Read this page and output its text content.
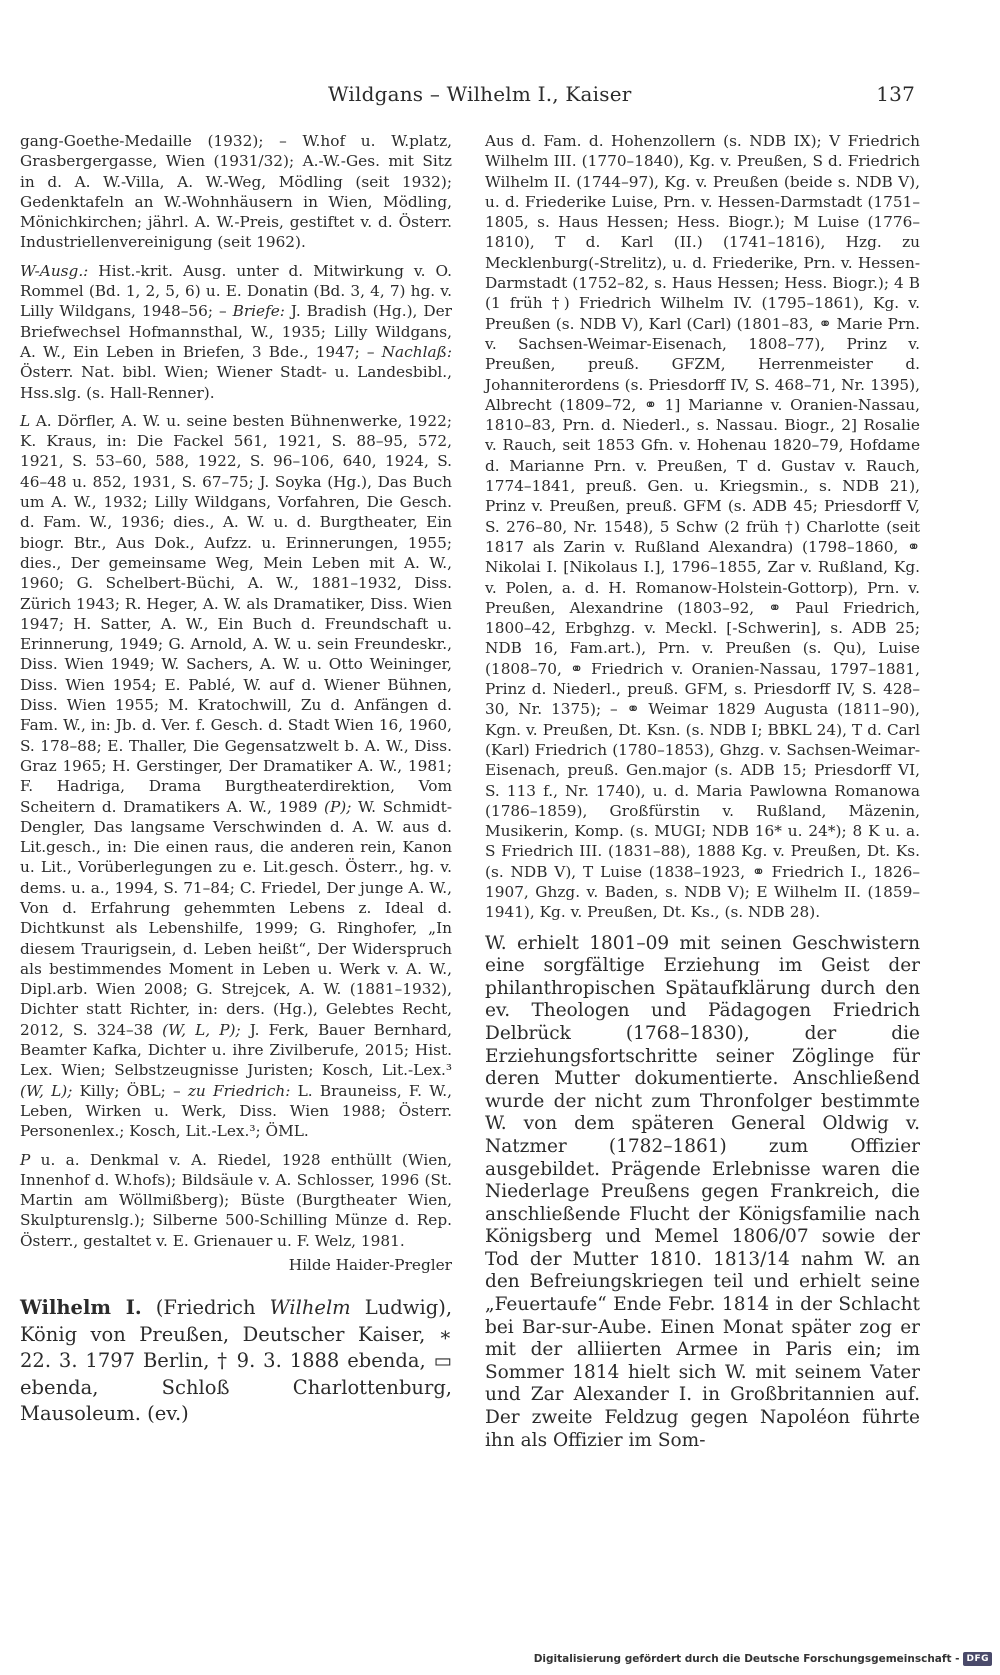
Wildgans – Wilhelm I., Kaiser	137

gang-Goethe-Medaille (1932); – W.hof u. W.platz, Grasbergergasse, Wien (1931/32); A.-W.-Ges. mit Sitz in d. A. W.-Villa, A. W.-Weg, Mödling (seit 1932); Gedenktafeln an W.-Wohnhäusern in Wien, Mödling, Mönichkirchen; jährl. A. W.-Preis, gestiftet v. d. Österr. Industriellenvereinigung (seit 1962).

W-Ausg.: Hist.-krit. Ausg. unter d. Mitwirkung v. O. Rommel (Bd. 1, 2, 5, 6) u. E. Donatin (Bd. 3, 4, 7) hg. v. Lilly Wildgans, 1948–56; – Briefe: J. Bradish (Hg.), Der Briefwechsel Hofmannsthal, W., 1935; Lilly Wildgans, A. W., Ein Leben in Briefen, 3 Bde., 1947; – Nachlaß: Österr. Nat. bibl. Wien; Wiener Stadt- u. Landesbibl., Hss.slg. (s. Hall-Renner).

L A. Dörfler, A. W. u. seine besten Bühnenwerke, 1922; K. Kraus, in: Die Fackel 561, 1921, S. 88–95, 572, 1921, S. 53–60, 588, 1922, S. 96–106, 640, 1924, S. 46–48 u. 852, 1931, S. 67–75; J. Soyka (Hg.), Das Buch um A. W., 1932; Lilly Wildgans, Vorfahren, Die Gesch. d. Fam. W., 1936; dies., A. W. u. d. Burgtheater, Ein biogr. Btr., Aus Dok., Aufzz. u. Erinnerungen, 1955; dies., Der gemeinsame Weg, Mein Leben mit A. W., 1960; G. Schelbert-Büchi, A. W., 1881–1932, Diss. Zürich 1943; R. Heger, A. W. als Dramatiker, Diss. Wien 1947; H. Satter, A. W., Ein Buch d. Freundschaft u. Erinnerung, 1949; G. Arnold, A. W. u. sein Freundeskr., Diss. Wien 1949; W. Sachers, A. W. u. Otto Weininger, Diss. Wien 1954; E. Pablé, W. auf d. Wiener Bühnen, Diss. Wien 1955; M. Kratochwill, Zu d. Anfängen d. Fam. W., in: Jb. d. Ver. f. Gesch. d. Stadt Wien 16, 1960, S. 178–88; E. Thaller, Die Gegensatzwelt b. A. W., Diss. Graz 1965; H. Gerstinger, Der Dramatiker A. W., 1981; F. Hadriga, Drama Burgtheaterdirektion, Vom Scheitern d. Dramatikers A. W., 1989 (P); W. Schmidt-Dengler, Das langsame Verschwinden d. A. W. aus d. Lit.gesch., in: Die einen raus, die anderen rein, Kanon u. Lit., Vorüberlegungen zu e. Lit.gesch. Österr., hg. v. dems. u. a., 1994, S. 71–84; C. Friedel, Der junge A. W., Von d. Erfahrung gehemmten Lebens z. Ideal d. Dichtkunst als Lebenshilfe, 1999; G. Ringhofer, „In diesem Traurigsein, d. Leben heißt“, Der Widerspruch als bestimmendes Moment in Leben u. Werk v. A. W., Dipl.arb. Wien 2008; G. Strejcek, A. W. (1881–1932), Dichter statt Richter, in: ders. (Hg.), Gelebtes Recht, 2012, S. 324–38 (W, L, P); J. Ferk, Bauer Bernhard, Beamter Kafka, Dichter u. ihre Zivilberufe, 2015; Hist. Lex. Wien; Selbstzeugnisse Juristen; Kosch, Lit.-Lex.³ (W, L); Killy; ÖBL; – zu Friedrich: L. Brauneiss, F. W., Leben, Wirken u. Werk, Diss. Wien 1988; Österr. Personenlex.; Kosch, Lit.-Lex.³; ÖML.

P u. a. Denkmal v. A. Riedel, 1928 enthüllt (Wien, Innenhof d. W.hofs); Bildsäule v. A. Schlosser, 1996 (St. Martin am Wöllmißberg); Büste (Burgtheater Wien, Skulpturenslg.); Silberne 500-Schilling Münze d. Rep. Österr., gestaltet v. E. Grienauer u. F. Welz, 1981.

Hilde Haider-Pregler
Wilhelm I. (Friedrich Wilhelm Ludwig), König von Preußen, Deutscher Kaiser, ∗ 22. 3. 1797 Berlin, † 9. 3. 1888 ebenda, ▭ ebenda, Schloß Charlottenburg, Mausoleum. (ev.)

Aus d. Fam. d. Hohenzollern (s. NDB IX); V Friedrich Wilhelm III. (1770–1840), Kg. v. Preußen, S d. Friedrich Wilhelm II. (1744–97), Kg. v. Preußen (beide s. NDB V), u. d. Friederike Luise, Prn. v. Hessen-Darmstadt (1751–1805, s. Haus Hessen; Hess. Biogr.); M Luise (1776–1810), T d. Karl (II.) (1741–1816), Hzg. zu Mecklenburg(-Strelitz), u. d. Friederike, Prn. v. Hessen-Darmstadt (1752–82, s. Haus Hessen; Hess. Biogr.); 4 B (1 früh †) Friedrich Wilhelm IV. (1795–1861), Kg. v. Preußen (s. NDB V), Karl (Carl) (1801–83, ⚭ Marie Prn. v. Sachsen-Weimar-Eisenach, 1808–77), Prinz v. Preußen, preuß. GFZM, Herrenmeister d. Johanniterordens (s. Priesdorff IV, S. 468–71, Nr. 1395), Albrecht (1809–72, ⚭ 1] Marianne v. Oranien-Nassau, 1810–83, Prn. d. Niederl., s. Nassau. Biogr., 2] Rosalie v. Rauch, seit 1853 Gfn. v. Hohenau 1820–79, Hofdame d. Marianne Prn. v. Preußen, T d. Gustav v. Rauch, 1774–1841, preuß. Gen. u. Kriegsmin., s. NDB 21), Prinz v. Preußen, preuß. GFM (s. ADB 45; Priesdorff V, S. 276–80, Nr. 1548), 5 Schw (2 früh †) Charlotte (seit 1817 als Zarin v. Rußland Alexandra) (1798–1860, ⚭ Nikolai I. [Nikolaus I.], 1796–1855, Zar v. Rußland, Kg. v. Polen, a. d. H. Romanow-Holstein-Gottorp), Prn. v. Preußen, Alexandrine (1803–92, ⚭ Paul Friedrich, 1800–42, Erbghzg. v. Meckl. [-Schwerin], s. ADB 25; NDB 16, Fam.art.), Prn. v. Preußen (s. Qu), Luise (1808–70, ⚭ Friedrich v. Oranien-Nassau, 1797–1881, Prinz d. Niederl., preuß. GFM, s. Priesdorff IV, S. 428–30, Nr. 1375); – ⚭ Weimar 1829 Augusta (1811–90), Kgn. v. Preußen, Dt. Ksn. (s. NDB I; BBKL 24), T d. Carl (Karl) Friedrich (1780–1853), Ghzg. v. Sachsen-Weimar-Eisenach, preuß. Gen.major (s. ADB 15; Priesdorff VI, S. 113 f., Nr. 1740), u. d. Maria Pawlowna Romanowa (1786–1859), Großfürstin v. Rußland, Mäzenin, Musikerin, Komp. (s. MUGI; NDB 16* u. 24*); 8 K u. a. S Friedrich III. (1831–88), 1888 Kg. v. Preußen, Dt. Ks. (s. NDB V), T Luise (1838–1923, ⚭ Friedrich I., 1826–1907, Ghzg. v. Baden, s. NDB V); E Wilhelm II. (1859–1941), Kg. v. Preußen, Dt. Ks., (s. NDB 28).

W. erhielt 1801–09 mit seinen Geschwistern eine sorgfältige Erziehung im Geist der philanthropischen Spätaufklärung durch den ev. Theologen und Pädagogen Friedrich Delbrück (1768–1830), der die Erziehungsfortschritte seiner Zöglinge für deren Mutter dokumentierte. Anschließend wurde der nicht zum Thronfolger bestimmte W. von dem späteren General Oldwig v. Natzmer (1782–1861) zum Offizier ausgebildet. Prägende Erlebnisse waren die Niederlage Preußens gegen Frankreich, die anschließende Flucht der Königsfamilie nach Königsberg und Memel 1806/07 sowie der Tod der Mutter 1810. 1813/14 nahm W. an den Befreiungskriegen teil und erhielt seine „Feuertaufe“ Ende Febr. 1814 in der Schlacht bei Bar-sur-Aube. Einen Monat später zog er mit der alliierten Armee in Paris ein; im Sommer 1814 hielt sich W. mit seinem Vater und Zar Alexander I. in Großbritannien auf. Der zweite Feldzug gegen Napoléon führte ihn als Offizier im Som-
Digitalisierung gefördert durch die Deutsche Forschungsgemeinschaft - DFG
